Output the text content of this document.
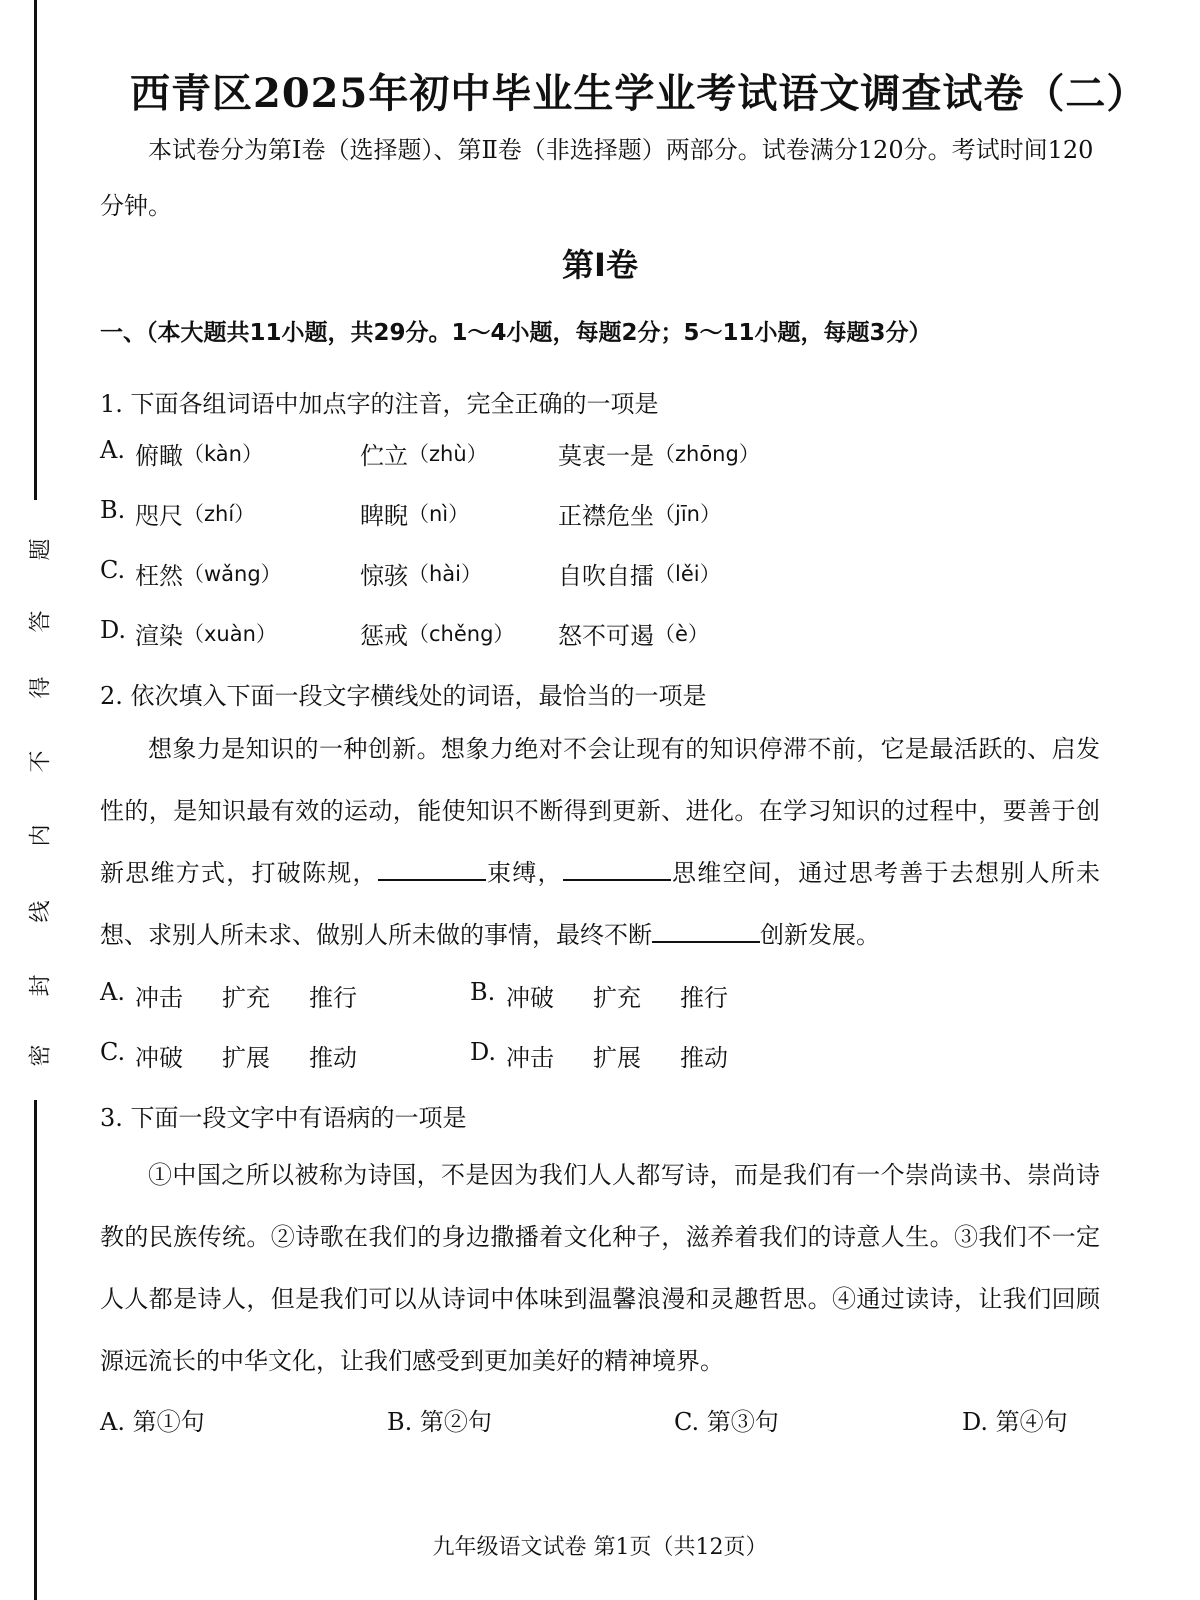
密
封
线
内
不
得
答
题
西青区2025年初中毕业生学业考试语文调查试卷（二）
本试卷分为第Ⅰ卷（选择题）、第Ⅱ卷（非选择题）两部分。试卷满分120分。考试时间120分钟。
第Ⅰ卷
一、（本大题共11小题，共29分。1～4小题，每题2分；5～11小题，每题3分）
1. 下面各组词语中加点字的注音，完全正确的一项是
A. 俯瞰 （kàn）	伫立 （zhù）	莫衷一是 （zhōng）
B. 咫尺 （zhí）	睥睨 （nì）	正襟危坐 （jīn）
C. 枉然 （wǎng）	惊骇 （hài）	自吹自擂 （lěi）
D. 渲染 （xuàn）	惩戒 （chěng） 怒不可遏 （è）
2. 依次填入下面一段文字横线处的词语，最恰当的一项是
想象力是知识的一种创新。想象力绝对不会让现有的知识停滞不前，它是最活跃的、启发性的，是知识最有效的运动，能使知识不断得到更新、进化。在学习知识的过程中，要善于创新思维方式，打破陈规，	束缚，	思维空间，通过思考善于去想别人所未想、求别人所未求、做别人所未做的事情，最终不断	创新发展。
A. 冲击 扩充 推行	B. 冲破 扩充 推行
C. 冲破 扩展 推动	D. 冲击 扩展 推动
3. 下面一段文字中有语病的一项是
①中国之所以被称为诗国，不是因为我们人人都写诗，而是我们有一个崇尚读书、崇尚诗教的民族传统。②诗歌在我们的身边撒播着文化种子，滋养着我们的诗意人生。③我们不一定人人都是诗人，但是我们可以从诗词中体味到温馨浪漫和灵趣哲思。④通过读诗，让我们回顾源远流长的中华文化，让我们感受到更加美好的精神境界。
A. 第①句	B. 第②句	C. 第③句	D. 第④句
九年级语文试卷 第1页（共12页）
